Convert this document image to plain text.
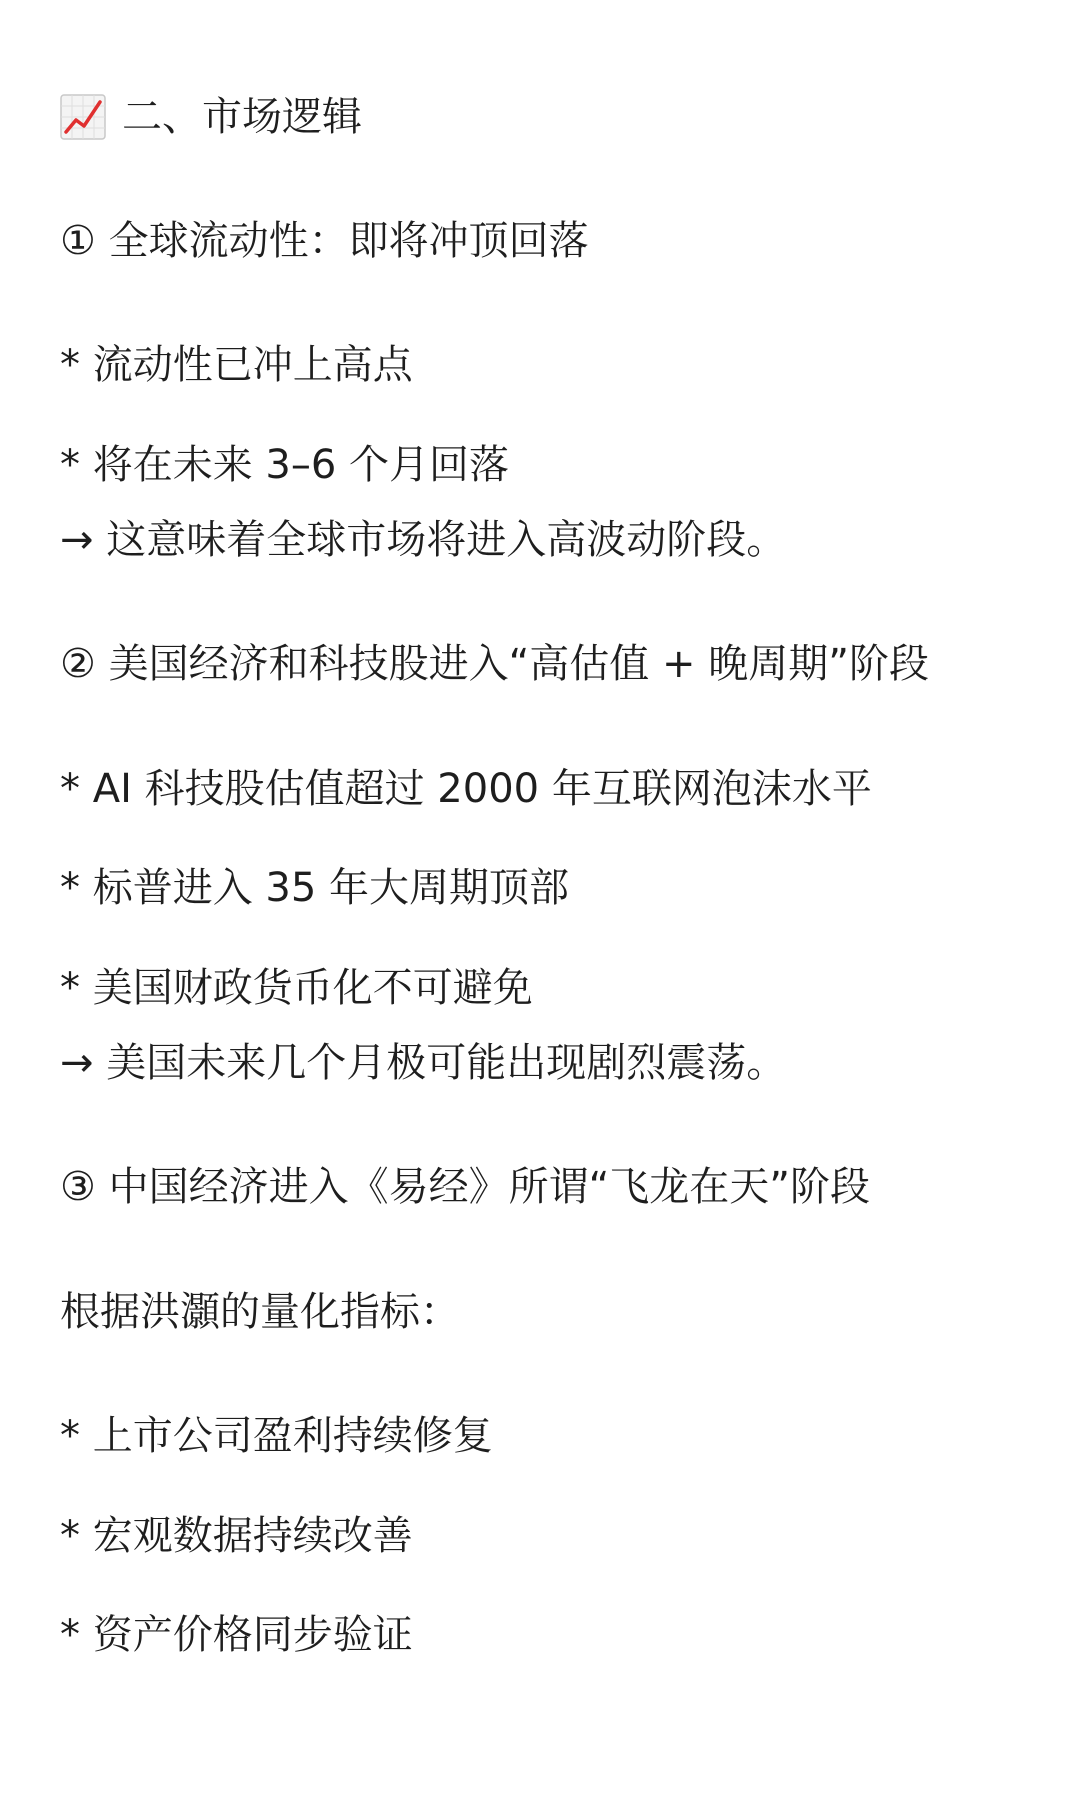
二、市场逻辑
① 全球流动性：即将冲顶回落
* 流动性已冲上高点
* 将在未来 3–6 个月回落
→ 这意味着全球市场将进入高波动阶段。
② 美国经济和科技股进入“高估值 + 晚周期”阶段
* AI 科技股估值超过 2000 年互联网泡沫水平
* 标普进入 35 年大周期顶部
* 美国财政货币化不可避免
→ 美国未来几个月极可能出现剧烈震荡。
③ 中国经济进入《易经》所谓“飞龙在天”阶段
根据洪灝的量化指标：
* 上市公司盈利持续修复
* 宏观数据持续改善
* 资产价格同步验证
